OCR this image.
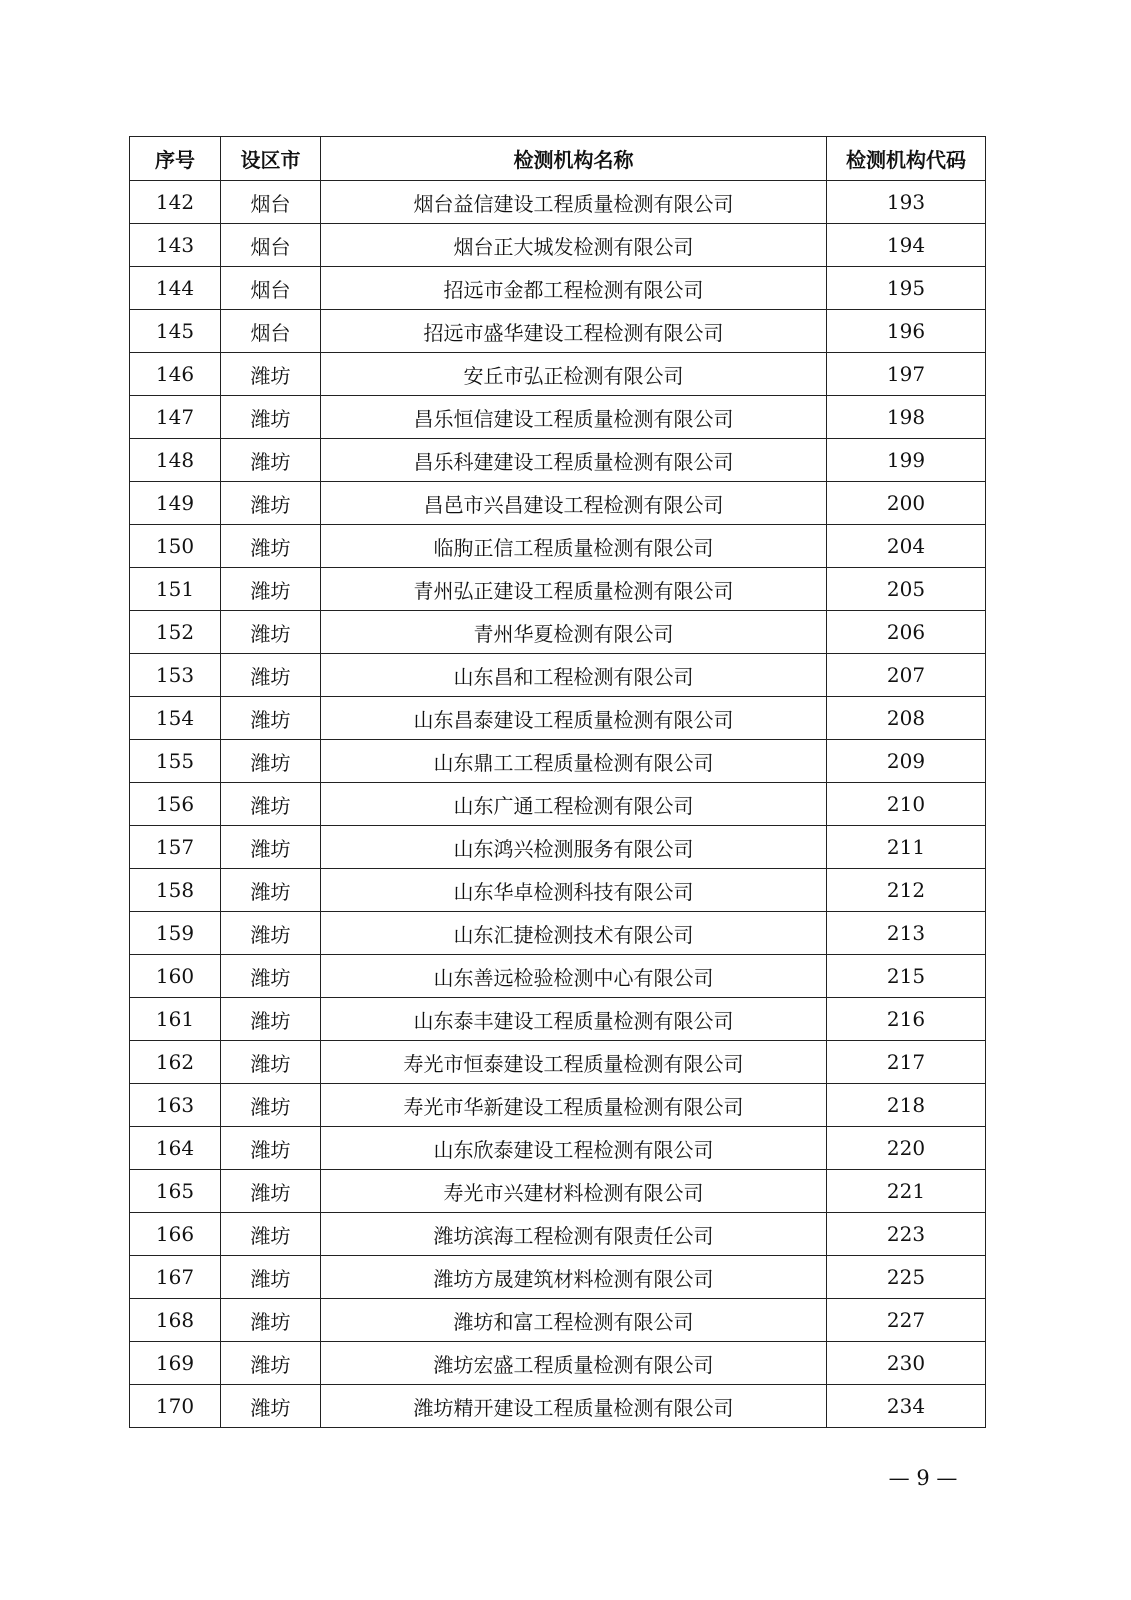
序号	设区市	检测机构名称	检测机构代码
142	烟台	烟台益信建设工程质量检测有限公司	193
143	烟台	烟台正大城发检测有限公司	194
144	烟台	招远市金都工程检测有限公司	195
145	烟台	招远市盛华建设工程检测有限公司	196
146	潍坊	安丘市弘正检测有限公司	197
147	潍坊	昌乐恒信建设工程质量检测有限公司	198
148	潍坊	昌乐科建建设工程质量检测有限公司	199
149	潍坊	昌邑市兴昌建设工程检测有限公司	200
150	潍坊	临朐正信工程质量检测有限公司	204
151	潍坊	青州弘正建设工程质量检测有限公司	205
152	潍坊	青州华夏检测有限公司	206
153	潍坊	山东昌和工程检测有限公司	207
154	潍坊	山东昌泰建设工程质量检测有限公司	208
155	潍坊	山东鼎工工程质量检测有限公司	209
156	潍坊	山东广通工程检测有限公司	210
157	潍坊	山东鸿兴检测服务有限公司	211
158	潍坊	山东华卓检测科技有限公司	212
159	潍坊	山东汇捷检测技术有限公司	213
160	潍坊	山东善远检验检测中心有限公司	215
161	潍坊	山东泰丰建设工程质量检测有限公司	216
162	潍坊	寿光市恒泰建设工程质量检测有限公司	217
163	潍坊	寿光市华新建设工程质量检测有限公司	218
164	潍坊	山东欣泰建设工程检测有限公司	220
165	潍坊	寿光市兴建材料检测有限公司	221
166	潍坊	潍坊滨海工程检测有限责任公司	223
167	潍坊	潍坊方晟建筑材料检测有限公司	225
168	潍坊	潍坊和富工程检测有限公司	227
169	潍坊	潍坊宏盛工程质量检测有限公司	230
170	潍坊	潍坊精开建设工程质量检测有限公司	234
— 9 —
